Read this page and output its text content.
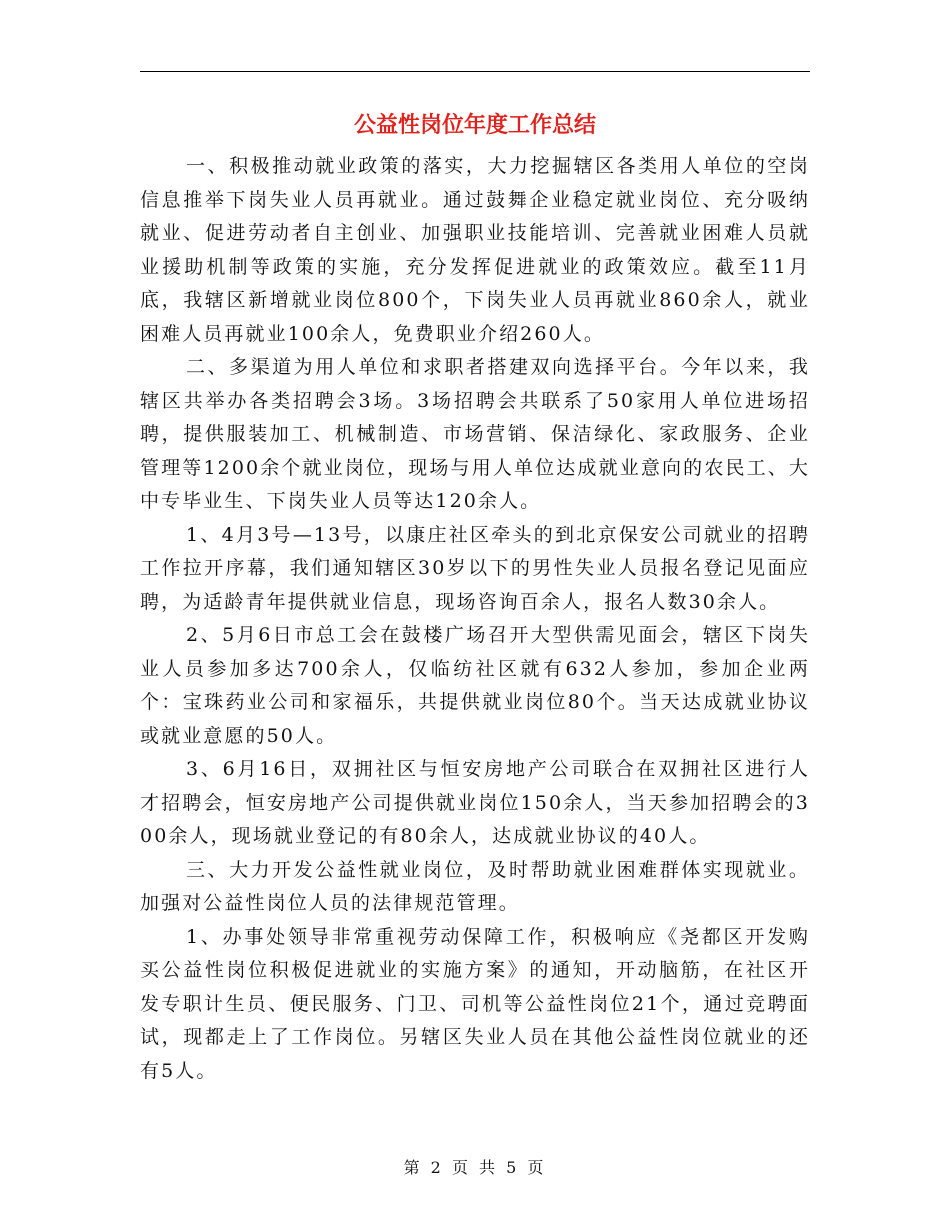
公益性岗位年度工作总结

一、积极推动就业政策的落实，大力挖掘辖区各类用人单位的空岗信息推举下岗失业人员再就业。通过鼓舞企业稳定就业岗位、充分吸纳就业、促进劳动者自主创业、加强职业技能培训、完善就业困难人员就业援助机制等政策的实施，充分发挥促进就业的政策效应。截至11月底，我辖区新增就业岗位800个，下岗失业人员再就业860余人，就业困难人员再就业100余人，免费职业介绍260人。

二、多渠道为用人单位和求职者搭建双向选择平台。今年以来，我辖区共举办各类招聘会3场。3场招聘会共联系了50家用人单位进场招聘，提供服装加工、机械制造、市场营销、保洁绿化、家政服务、企业管理等1200余个就业岗位，现场与用人单位达成就业意向的农民工、大中专毕业生、下岗失业人员等达120余人。

1、4月3号—13号，以康庄社区牵头的到北京保安公司就业的招聘工作拉开序幕，我们通知辖区30岁以下的男性失业人员报名登记见面应聘，为适龄青年提供就业信息，现场咨询百余人，报名人数30余人。

2、5月6日市总工会在鼓楼广场召开大型供需见面会，辖区下岗失业人员参加多达700余人，仅临纺社区就有632人参加，参加企业两个：宝珠药业公司和家福乐，共提供就业岗位80个。当天达成就业协议或就业意愿的50人。

3、6月16日，双拥社区与恒安房地产公司联合在双拥社区进行人才招聘会，恒安房地产公司提供就业岗位150余人，当天参加招聘会的300余人，现场就业登记的有80余人，达成就业协议的40人。

三、大力开发公益性就业岗位，及时帮助就业困难群体实现就业。加强对公益性岗位人员的法律规范管理。

1、办事处领导非常重视劳动保障工作，积极响应《尧都区开发购买公益性岗位积极促进就业的实施方案》的通知，开动脑筋，在社区开发专职计生员、便民服务、门卫、司机等公益性岗位21个，通过竞聘面试，现都走上了工作岗位。另辖区失业人员在其他公益性岗位就业的还有5人。

第 2 页 共 5 页
